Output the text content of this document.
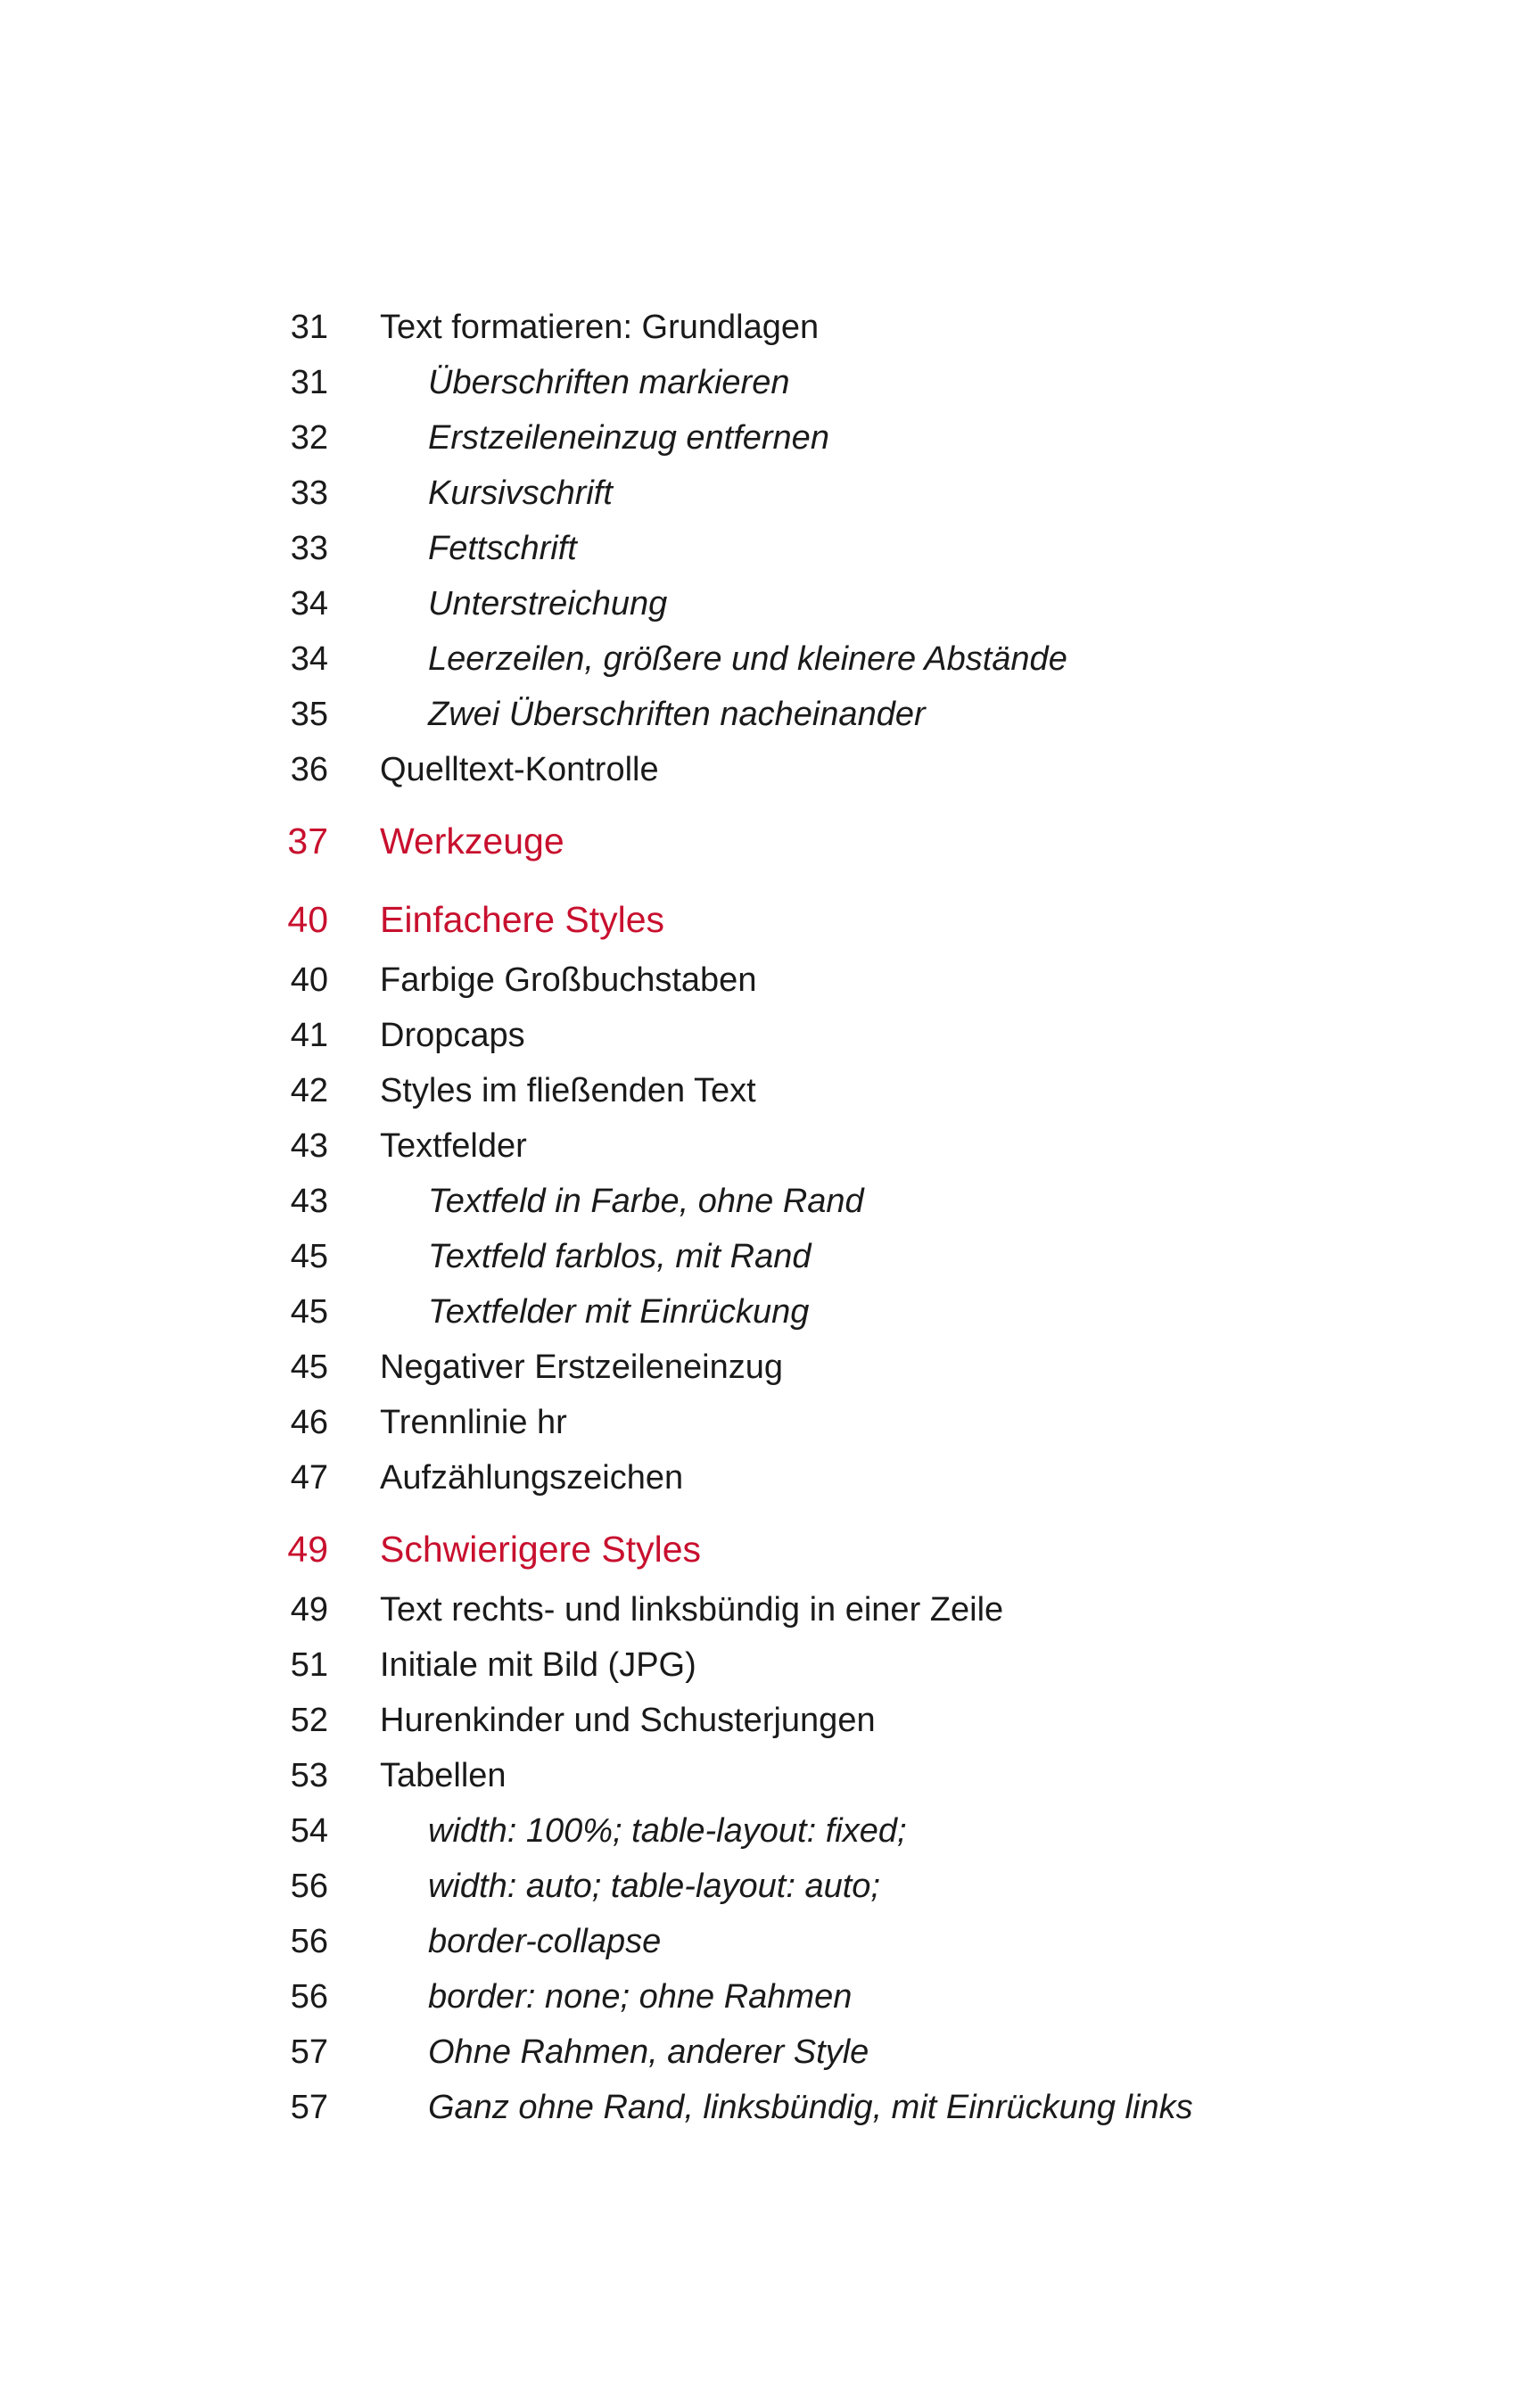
31 Text formatieren: Grundlagen
31	Überschriften markieren
32	Erstzeileneinzug entfernen
33	Kursivschrift
33	Fettschrift
34	Unterstreichung
34	Leerzeilen, größere und kleinere Abstände
35	Zwei Überschriften nacheinander
36 Quelltext-Kontrolle
37 Werkzeuge
40 Einfachere Styles
40 Farbige Großbuchstaben
41 Dropcaps
42 Styles im fließenden Text
43 Textfelder
43	Textfeld in Farbe, ohne Rand
45	Textfeld farblos, mit Rand
45	Textfelder mit Einrückung
45 Negativer Erstzeileneinzug
46 Trennlinie hr
47 Aufzählungszeichen
49 Schwierigere Styles
49 Text rechts- und linksbündig in einer Zeile
51 Initiale mit Bild (JPG)
52 Hurenkinder und Schusterjungen
53 Tabellen
54	width: 100%; table-layout: fixed;
56	width: auto; table-layout: auto;
56	border-collapse
56	border: none; ohne Rahmen
57	Ohne Rahmen, anderer Style
57	Ganz ohne Rand, linksbündig, mit Einrückung links
